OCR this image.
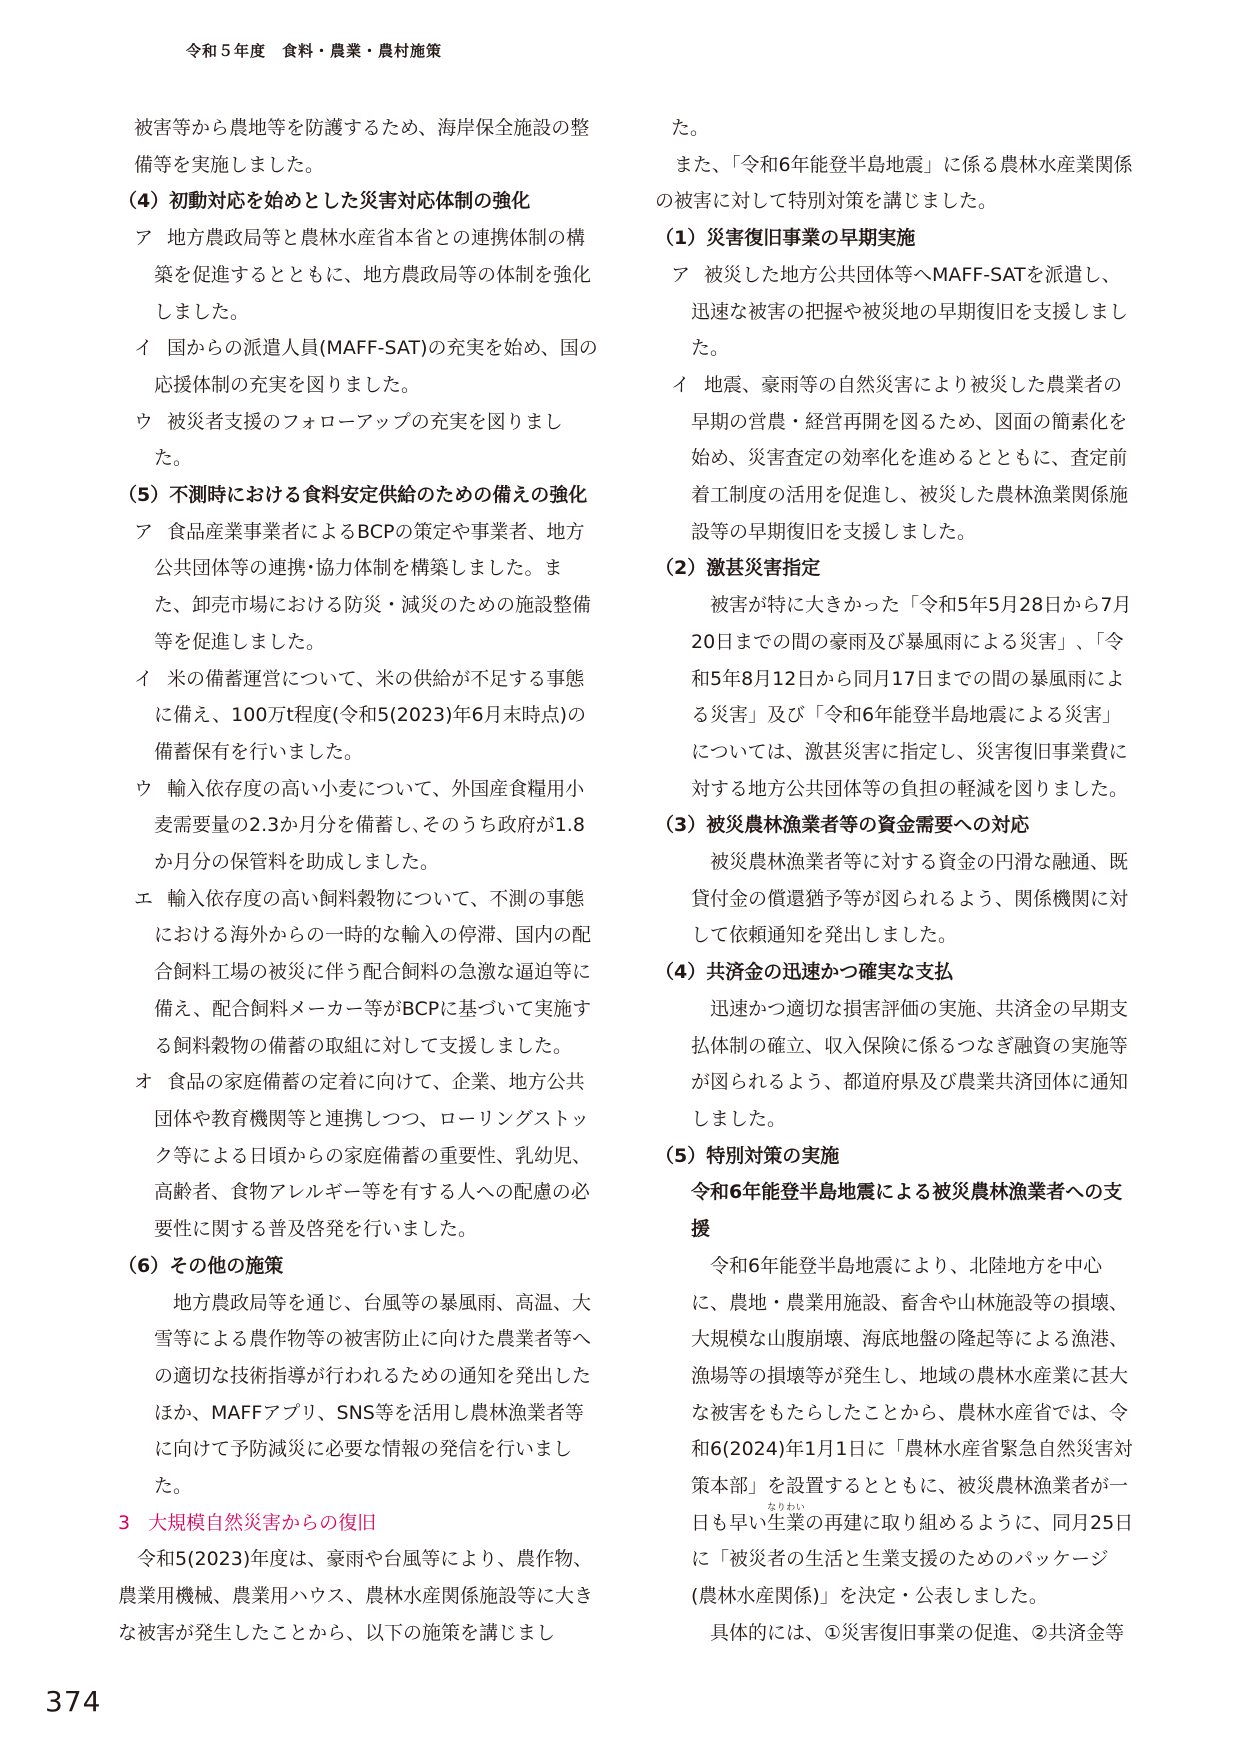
令和５年度　食料・農業・農村施策

被害等から農地等を防護するため、海岸保全施設の整備等を実施しました。

（4）初動対応を始めとした災害対応体制の強化

ア 地方農政局等と農林水産省本省との連携体制の構築を促進するとともに、地方農政局等の体制を強化しました。

イ 国からの派遣人員(MAFF-SAT)の充実を始め、国の応援体制の充実を図りました。

ウ 被災者支援のフォローアップの充実を図りました。

（5）不測時における食料安定供給のための備えの強化

ア 食品産業事業者によるBCPの策定や事業者、地方公共団体等の連携･協力体制を構築しました。また、卸売市場における防災・減災のための施設整備等を促進しました。

イ 米の備蓄運営について、米の供給が不足する事態に備え、100万t程度(令和5(2023)年6月末時点)の備蓄保有を行いました。

ウ 輸入依存度の高い小麦について、外国産食糧用小麦需要量の2.3か月分を備蓄し､そのうち政府が1.8か月分の保管料を助成しました。

エ 輸入依存度の高い飼料穀物について、不測の事態における海外からの一時的な輸入の停滞、国内の配合飼料工場の被災に伴う配合飼料の急激な逼迫等に備え、配合飼料メーカー等がBCPに基づいて実施する飼料穀物の備蓄の取組に対して支援しました。

オ 食品の家庭備蓄の定着に向けて、企業、地方公共団体や教育機関等と連携しつつ、ローリングストック等による日頃からの家庭備蓄の重要性、乳幼児、高齢者、食物アレルギー等を有する人への配慮の必要性に関する普及啓発を行いました。

（6）その他の施策

地方農政局等を通じ、台風等の暴風雨、高温、大雪等による農作物等の被害防止に向けた農業者等への適切な技術指導が行われるための通知を発出したほか、MAFFアプリ、SNS等を活用し農林漁業者等に向けて予防減災に必要な情報の発信を行いました。

3 大規模自然災害からの復旧

令和5(2023)年度は、豪雨や台風等により、農作物、農業用機械、農業用ハウス、農林水産関係施設等に大きな被害が発生したことから、以下の施策を講じまし

た。

また、「令和6年能登半島地震」に係る農林水産業関係の被害に対して特別対策を講じました。

（1）災害復旧事業の早期実施

ア 被災した地方公共団体等へMAFF-SATを派遣し、迅速な被害の把握や被災地の早期復旧を支援しました。

イ 地震、豪雨等の自然災害により被災した農業者の早期の営農・経営再開を図るため、図面の簡素化を始め、災害査定の効率化を進めるとともに、査定前着工制度の活用を促進し、被災した農林漁業関係施設等の早期復旧を支援しました。

（2）激甚災害指定

被害が特に大きかった「令和5年5月28日から7月20日までの間の豪雨及び暴風雨による災害」､「令和5年8月12日から同月17日までの間の暴風雨による災害」及び「令和6年能登半島地震による災害」については、激甚災害に指定し、災害復旧事業費に対する地方公共団体等の負担の軽減を図りました。

（3）被災農林漁業者等の資金需要への対応

被災農林漁業者等に対する資金の円滑な融通、既貸付金の償還猶予等が図られるよう、関係機関に対して依頼通知を発出しました。

（4）共済金の迅速かつ確実な支払

迅速かつ適切な損害評価の実施、共済金の早期支払体制の確立、収入保険に係るつなぎ融資の実施等が図られるよう、都道府県及び農業共済団体に通知しました。

（5）特別対策の実施

令和6年能登半島地震による被災農林漁業者への支援

令和6年能登半島地震により、北陸地方を中心に、農地・農業用施設、畜舎や山林施設等の損壊、大規模な山腹崩壊、海底地盤の隆起等による漁港、漁場等の損壊等が発生し、地域の農林水産業に甚大な被害をもたらしたことから、農林水産省では、令和6(2024)年1月1日に「農林水産省緊急自然災害対策本部」を設置するとともに、被災農林漁業者が一日も早い生業なりわいの再建に取り組めるように、同月25日に「被災者の生活と生業支援のためのパッケージ(農林水産関係)」を決定・公表しました。

具体的には、①災害復旧事業の促進、②共済金等

374
